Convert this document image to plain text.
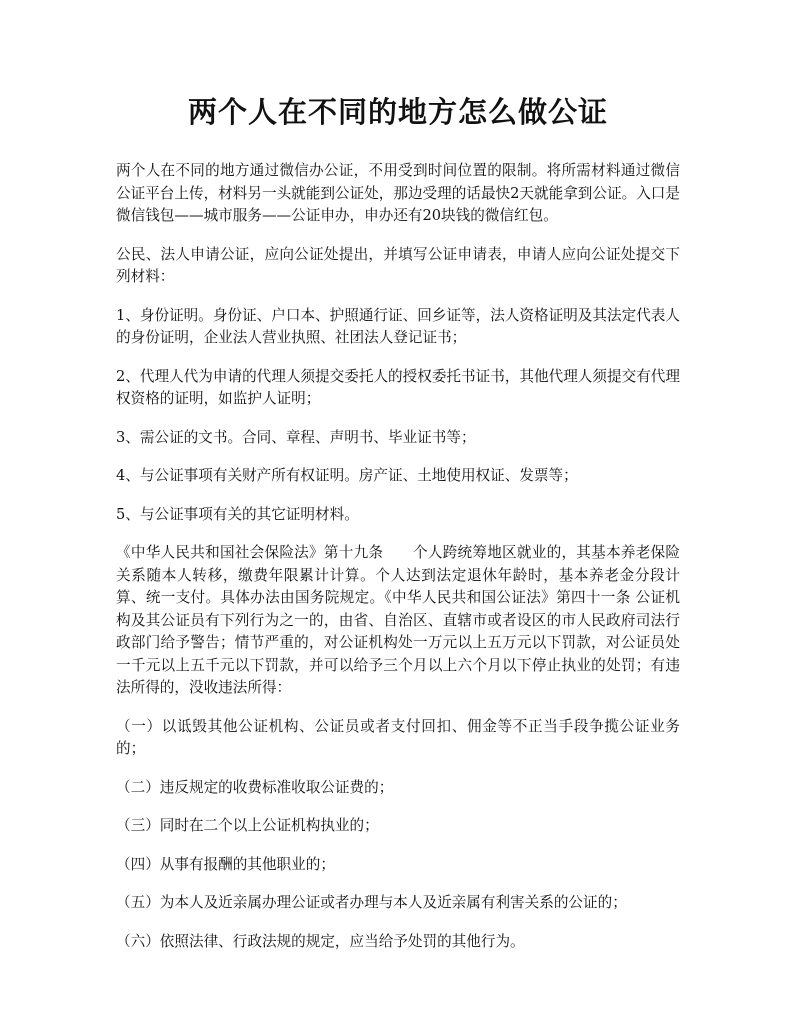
两个人在不同的地方怎么做公证

两个人在不同的地方通过微信办公证，不用受到时间位置的限制。将所需材料通过微信公证平台上传，材料另一头就能到公证处，那边受理的话最快2天就能拿到公证。入口是微信钱包——城市服务——公证申办，申办还有20块钱的微信红包。

公民、法人申请公证，应向公证处提出，并填写公证申请表，申请人应向公证处提交下列材料：

1、身份证明。身份证、户口本、护照通行证、回乡证等，法人资格证明及其法定代表人的身份证明，企业法人营业执照、社团法人登记证书；

2、代理人代为申请的代理人须提交委托人的授权委托书证书，其他代理人须提交有代理权资格的证明，如监护人证明；

3、需公证的文书。合同、章程、声明书、毕业证书等；

4、与公证事项有关财产所有权证明。房产证、土地使用权证、发票等；

5、与公证事项有关的其它证明材料。

《中华人民共和国社会保险法》第十九条　　个人跨统筹地区就业的，其基本养老保险关系随本人转移，缴费年限累计计算。个人达到法定退休年龄时，基本养老金分段计算、统一支付。具体办法由国务院规定。《中华人民共和国公证法》第四十一条 公证机构及其公证员有下列行为之一的，由省、自治区、直辖市或者设区的市人民政府司法行政部门给予警告；情节严重的，对公证机构处一万元以上五万元以下罚款，对公证员处一千元以上五千元以下罚款，并可以给予三个月以上六个月以下停止执业的处罚；有违法所得的，没收违法所得：

（一）以诋毁其他公证机构、公证员或者支付回扣、佣金等不正当手段争揽公证业务的；

（二）违反规定的收费标准收取公证费的；

（三）同时在二个以上公证机构执业的；

（四）从事有报酬的其他职业的；

（五）为本人及近亲属办理公证或者办理与本人及近亲属有利害关系的公证的；

（六）依照法律、行政法规的规定，应当给予处罚的其他行为。
